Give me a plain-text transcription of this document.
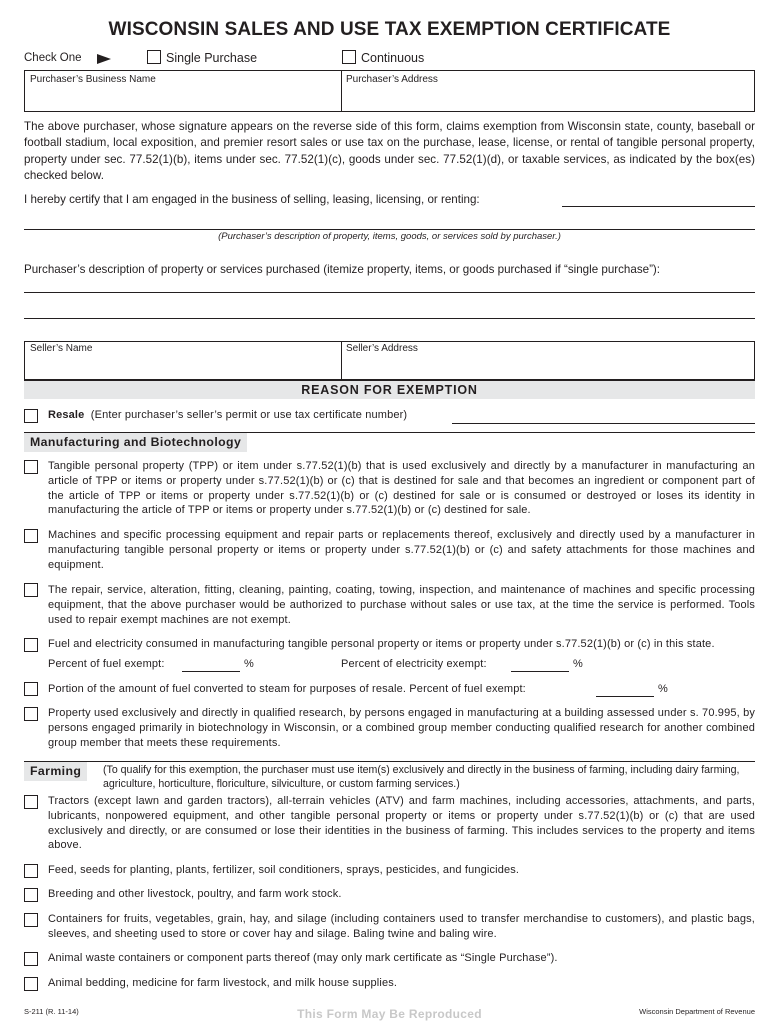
WISCONSIN SALES AND USE TAX EXEMPTION CERTIFICATE
Check One	Single Purchase	Continuous
Purchaser’s Business Name	Purchaser’s Address
The above purchaser, whose signature appears on the reverse side of this form, claims exemption from Wisconsin state, county, baseball or football stadium, local exposition, and premier resort sales or use tax on the purchase, lease, license, or rental of tangible personal property, property under sec. 77.52(1)(b), items under sec. 77.52(1)(c), goods under sec. 77.52(1)(d), or taxable services, as indicated by the box(es) checked below.
I hereby certify that I am engaged in the business of selling, leasing, licensing, or renting:
(Purchaser’s description of property, items, goods, or services sold by purchaser.)
Purchaser’s description of property or services purchased (itemize property, items, or goods purchased if “single purchase”):
Seller’s Name	Seller’s Address
REASON FOR EXEMPTION
Resale (Enter purchaser’s seller’s permit or use tax certificate number)
Manufacturing and Biotechnology
Tangible personal property (TPP) or item under s.77.52(1)(b) that is used exclusively and directly by a manufacturer in manufacturing an article of TPP or items or property under s.77.52(1)(b) or (c) that is destined for sale and that becomes an ingredient or component part of the article of TPP or items or property under s.77.52(1)(b) or (c) destined for sale or is consumed or destroyed or loses its identity in manufacturing the article of TPP or items or property under s.77.52(1)(b) or (c) destined for sale.
Machines and specific processing equipment and repair parts or replacements thereof, exclusively and directly used by a manufacturer in manufacturing tangible personal property or items or property under s.77.52(1)(b) or (c) and safety attachments for those machines and equipment.
The repair, service, alteration, fitting, cleaning, painting, coating, towing, inspection, and maintenance of machines and specific processing equipment, that the above purchaser would be authorized to purchase without sales or use tax, at the time the service is performed. Tools used to repair exempt machines are not exempt.
Fuel and electricity consumed in manufacturing tangible personal property or items or property under s.77.52(1)(b) or (c) in this state.
Percent of fuel exempt:	%	Percent of electricity exempt:	%
Portion of the amount of fuel converted to steam for purposes of resale. Percent of fuel exempt:	%
Property used exclusively and directly in qualified research, by persons engaged in manufacturing at a building assessed under s. 70.995, by persons engaged primarily in biotechnology in Wisconsin, or a combined group member conducting qualified research for another combined group member that meets these requirements.
Farming	(To qualify for this exemption, the purchaser must use item(s) exclusively and directly in the business of farming, including dairy farming, agriculture, horticulture, floriculture, silviculture, or custom farming services.)
Tractors (except lawn and garden tractors), all-terrain vehicles (ATV) and farm machines, including accessories, attachments, and parts, lubricants, nonpowered equipment, and other tangible personal property or items or property under s.77.52(1)(b) or (c) that are used exclusively and directly, or are consumed or lose their identities in the business of farming. This includes services to the property and items above.
Feed, seeds for planting, plants, fertilizer, soil conditioners, sprays, pesticides, and fungicides.
Breeding and other livestock, poultry, and farm work stock.
Containers for fruits, vegetables, grain, hay, and silage (including containers used to transfer merchandise to customers), and plastic bags, sleeves, and sheeting used to store or cover hay and silage. Baling twine and baling wire.
Animal waste containers or component parts thereof (may only mark certificate as “Single Purchase”).
Animal bedding, medicine for farm livestock, and milk house supplies.
S-211 (R. 11-14)	This Form May Be Reproduced	Wisconsin Department of Revenue
